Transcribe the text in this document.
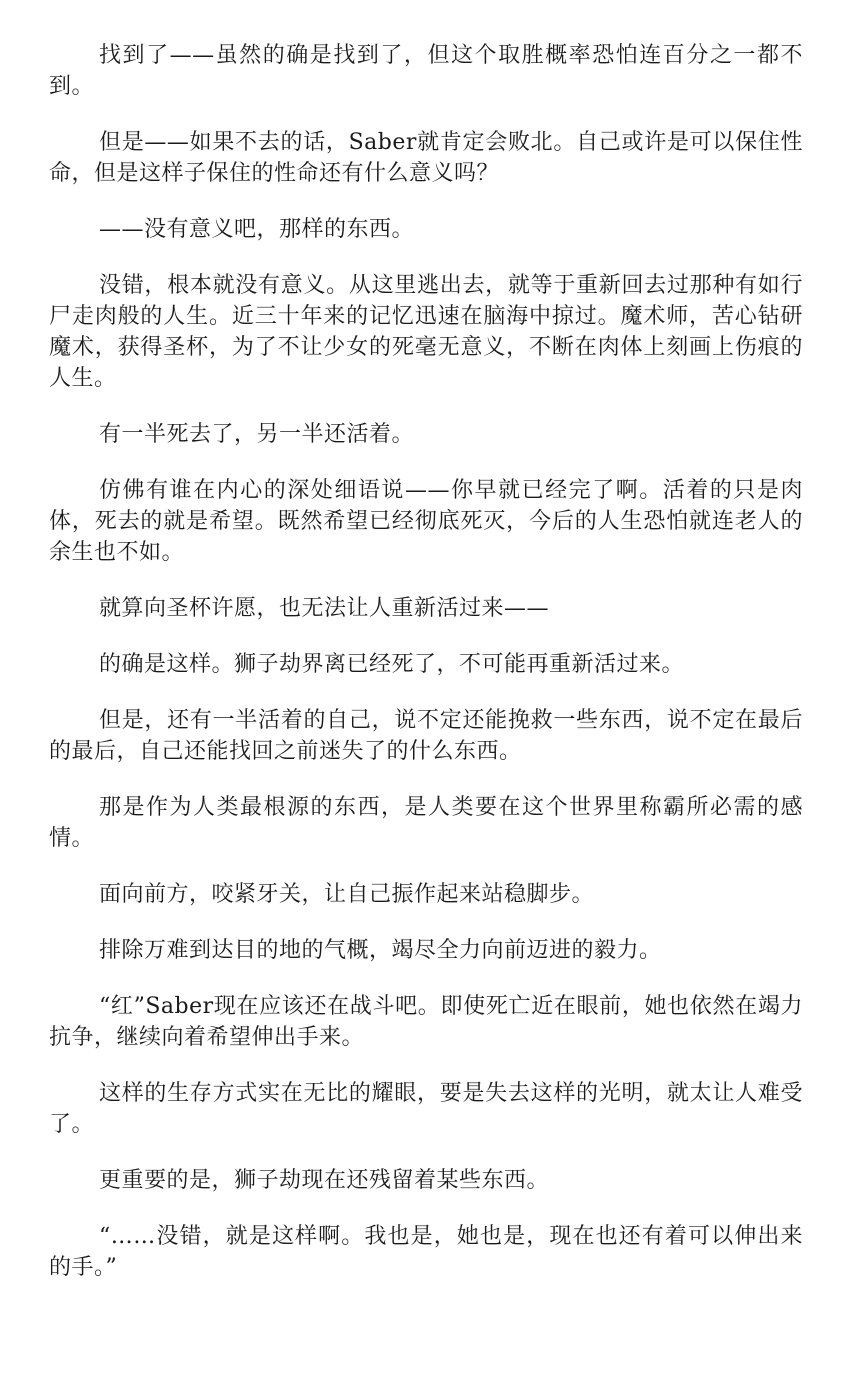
找到了——虽然的确是找到了，但这个取胜概率恐怕连百分之一都不到。

但是——如果不去的话，Saber就肯定会败北。自己或许是可以保住性命，但是这样子保住的性命还有什么意义吗？

——没有意义吧，那样的东西。

没错，根本就没有意义。从这里逃出去，就等于重新回去过那种有如行尸走肉般的人生。近三十年来的记忆迅速在脑海中掠过。魔术师，苦心钻研魔术，获得圣杯，为了不让少女的死毫无意义，不断在肉体上刻画上伤痕的人生。

有一半死去了，另一半还活着。

仿佛有谁在内心的深处细语说——你早就已经完了啊。活着的只是肉体，死去的就是希望。既然希望已经彻底死灭，今后的人生恐怕就连老人的余生也不如。

就算向圣杯许愿，也无法让人重新活过来——

的确是这样。狮子劫界离已经死了，不可能再重新活过来。

但是，还有一半活着的自己，说不定还能挽救一些东西，说不定在最后的最后，自己还能找回之前迷失了的什么东西。

那是作为人类最根源的东西，是人类要在这个世界里称霸所必需的感情。

面向前方，咬紧牙关，让自己振作起来站稳脚步。

排除万难到达目的地的气概，竭尽全力向前迈进的毅力。

“红”Saber现在应该还在战斗吧。即使死亡近在眼前，她也依然在竭力抗争，继续向着希望伸出手来。

这样的生存方式实在无比的耀眼，要是失去这样的光明，就太让人难受了。

更重要的是，狮子劫现在还残留着某些东西。

“……没错，就是这样啊。我也是，她也是，现在也还有着可以伸出来的手。”
